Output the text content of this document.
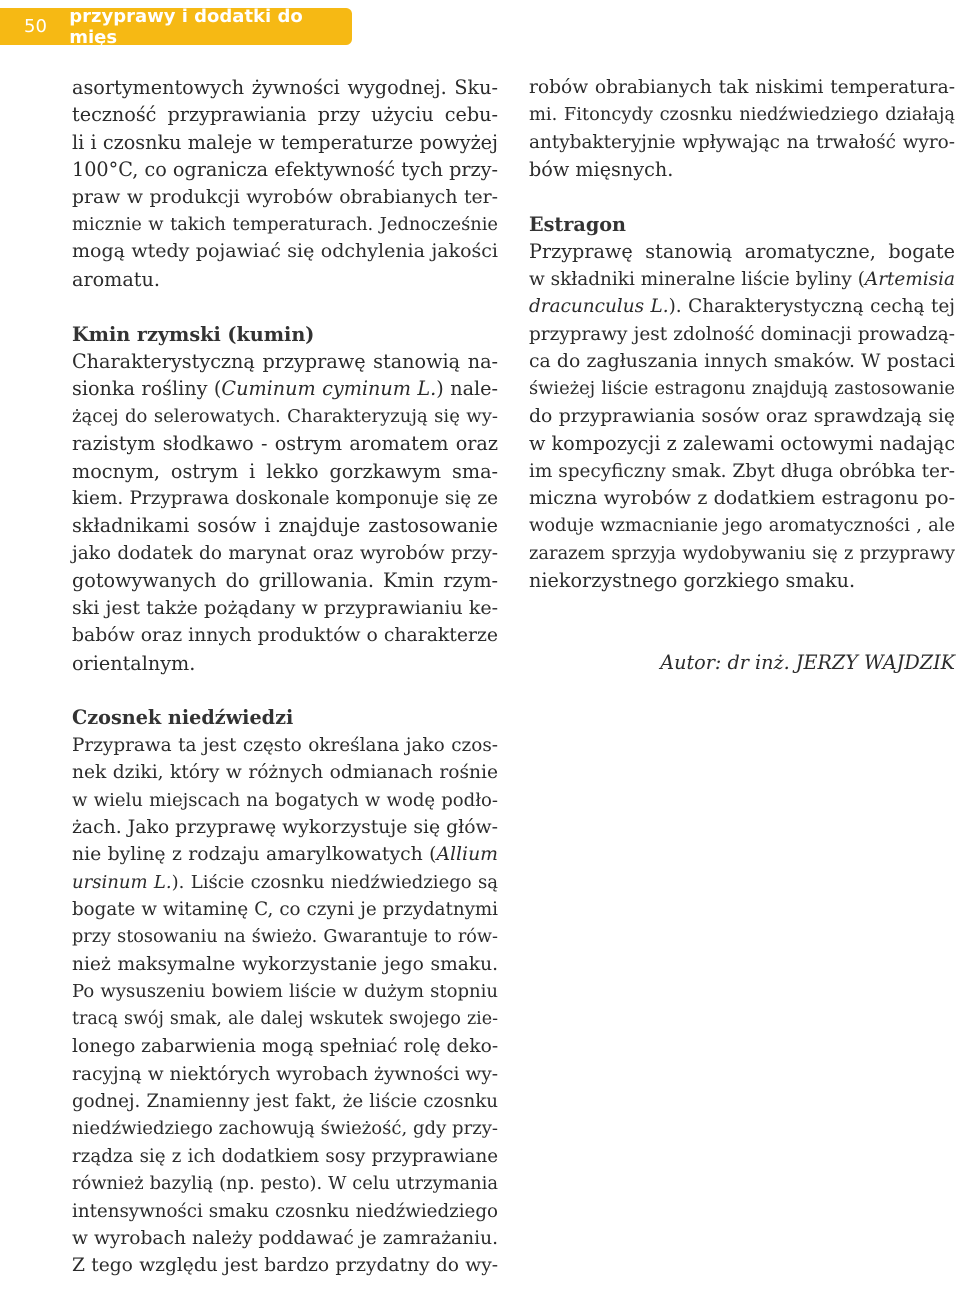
50	przyprawy i dodatki do mięs
asortymentowych żywności wygodnej. Sku-
teczność przyprawiania przy użyciu cebu-
li i czosnku maleje w temperaturze powyżej
100°C, co ogranicza efektywność tych przy-
praw w produkcji wyrobów obrabianych ter-
micznie w takich temperaturach. Jednocześnie
mogą wtedy pojawiać się odchylenia jakości
aromatu.
Kmin rzymski (kumin)
Charakterystyczną przyprawę stanowią na-
sionka rośliny (Cuminum cyminum L.) nale-
żącej do selerowatych. Charakteryzują się wy-
razistym słodkawo - ostrym aromatem oraz
mocnym, ostrym i lekko gorzkawym sma-
kiem. Przyprawa doskonale komponuje się ze
składnikami sosów i znajduje zastosowanie
jako dodatek do marynat oraz wyrobów przy-
gotowywanych do grillowania. Kmin rzym-
ski jest także pożądany w przyprawianiu ke-
babów oraz innych produktów o charakterze
orientalnym.
Czosnek niedźwiedzi
Przyprawa ta jest często określana jako czos-
nek dziki, który w różnych odmianach rośnie
w wielu miejscach na bogatych w wodę podło-
żach. Jako przyprawę wykorzystuje się głów-
nie bylinę z rodzaju amarylkowatych (Allium
ursinum L.). Liście czosnku niedźwiedziego są
bogate w witaminę C, co czyni je przydatnymi
przy stosowaniu na świeżo. Gwarantuje to rów-
nież maksymalne wykorzystanie jego smaku.
Po wysuszeniu bowiem liście w dużym stopniu
tracą swój smak, ale dalej wskutek swojego zie-
lonego zabarwienia mogą spełniać rolę deko-
racyjną w niektórych wyrobach żywności wy-
godnej. Znamienny jest fakt, że liście czosnku
niedźwiedziego zachowują świeżość, gdy przy-
rządza się z ich dodatkiem sosy przyprawiane
również bazylią (np. pesto). W celu utrzymania
intensywności smaku czosnku niedźwiedziego
w wyrobach należy poddawać je zamrażaniu.
Z tego względu jest bardzo przydatny do wy-
robów obrabianych tak niskimi temperatura-
mi. Fitoncydy czosnku niedźwiedziego działają
antybakteryjnie wpływając na trwałość wyro-
bów mięsnych.
Estragon
Przyprawę stanowią aromatyczne, bogate
w składniki mineralne liście byliny (Artemisia
dracunculus L.). Charakterystyczną cechą tej
przyprawy jest zdolność dominacji prowadzą-
ca do zagłuszania innych smaków. W postaci
świeżej liście estragonu znajdują zastosowanie
do przyprawiania sosów oraz sprawdzają się
w kompozycji z zalewami octowymi nadając
im specyficzny smak. Zbyt długa obróbka ter-
miczna wyrobów z dodatkiem estragonu po-
woduje wzmacnianie jego aromatyczności , ale
zarazem sprzyja wydobywaniu się z przyprawy
niekorzystnego gorzkiego smaku.
Autor: dr inż. JERZY WAJDZIK
